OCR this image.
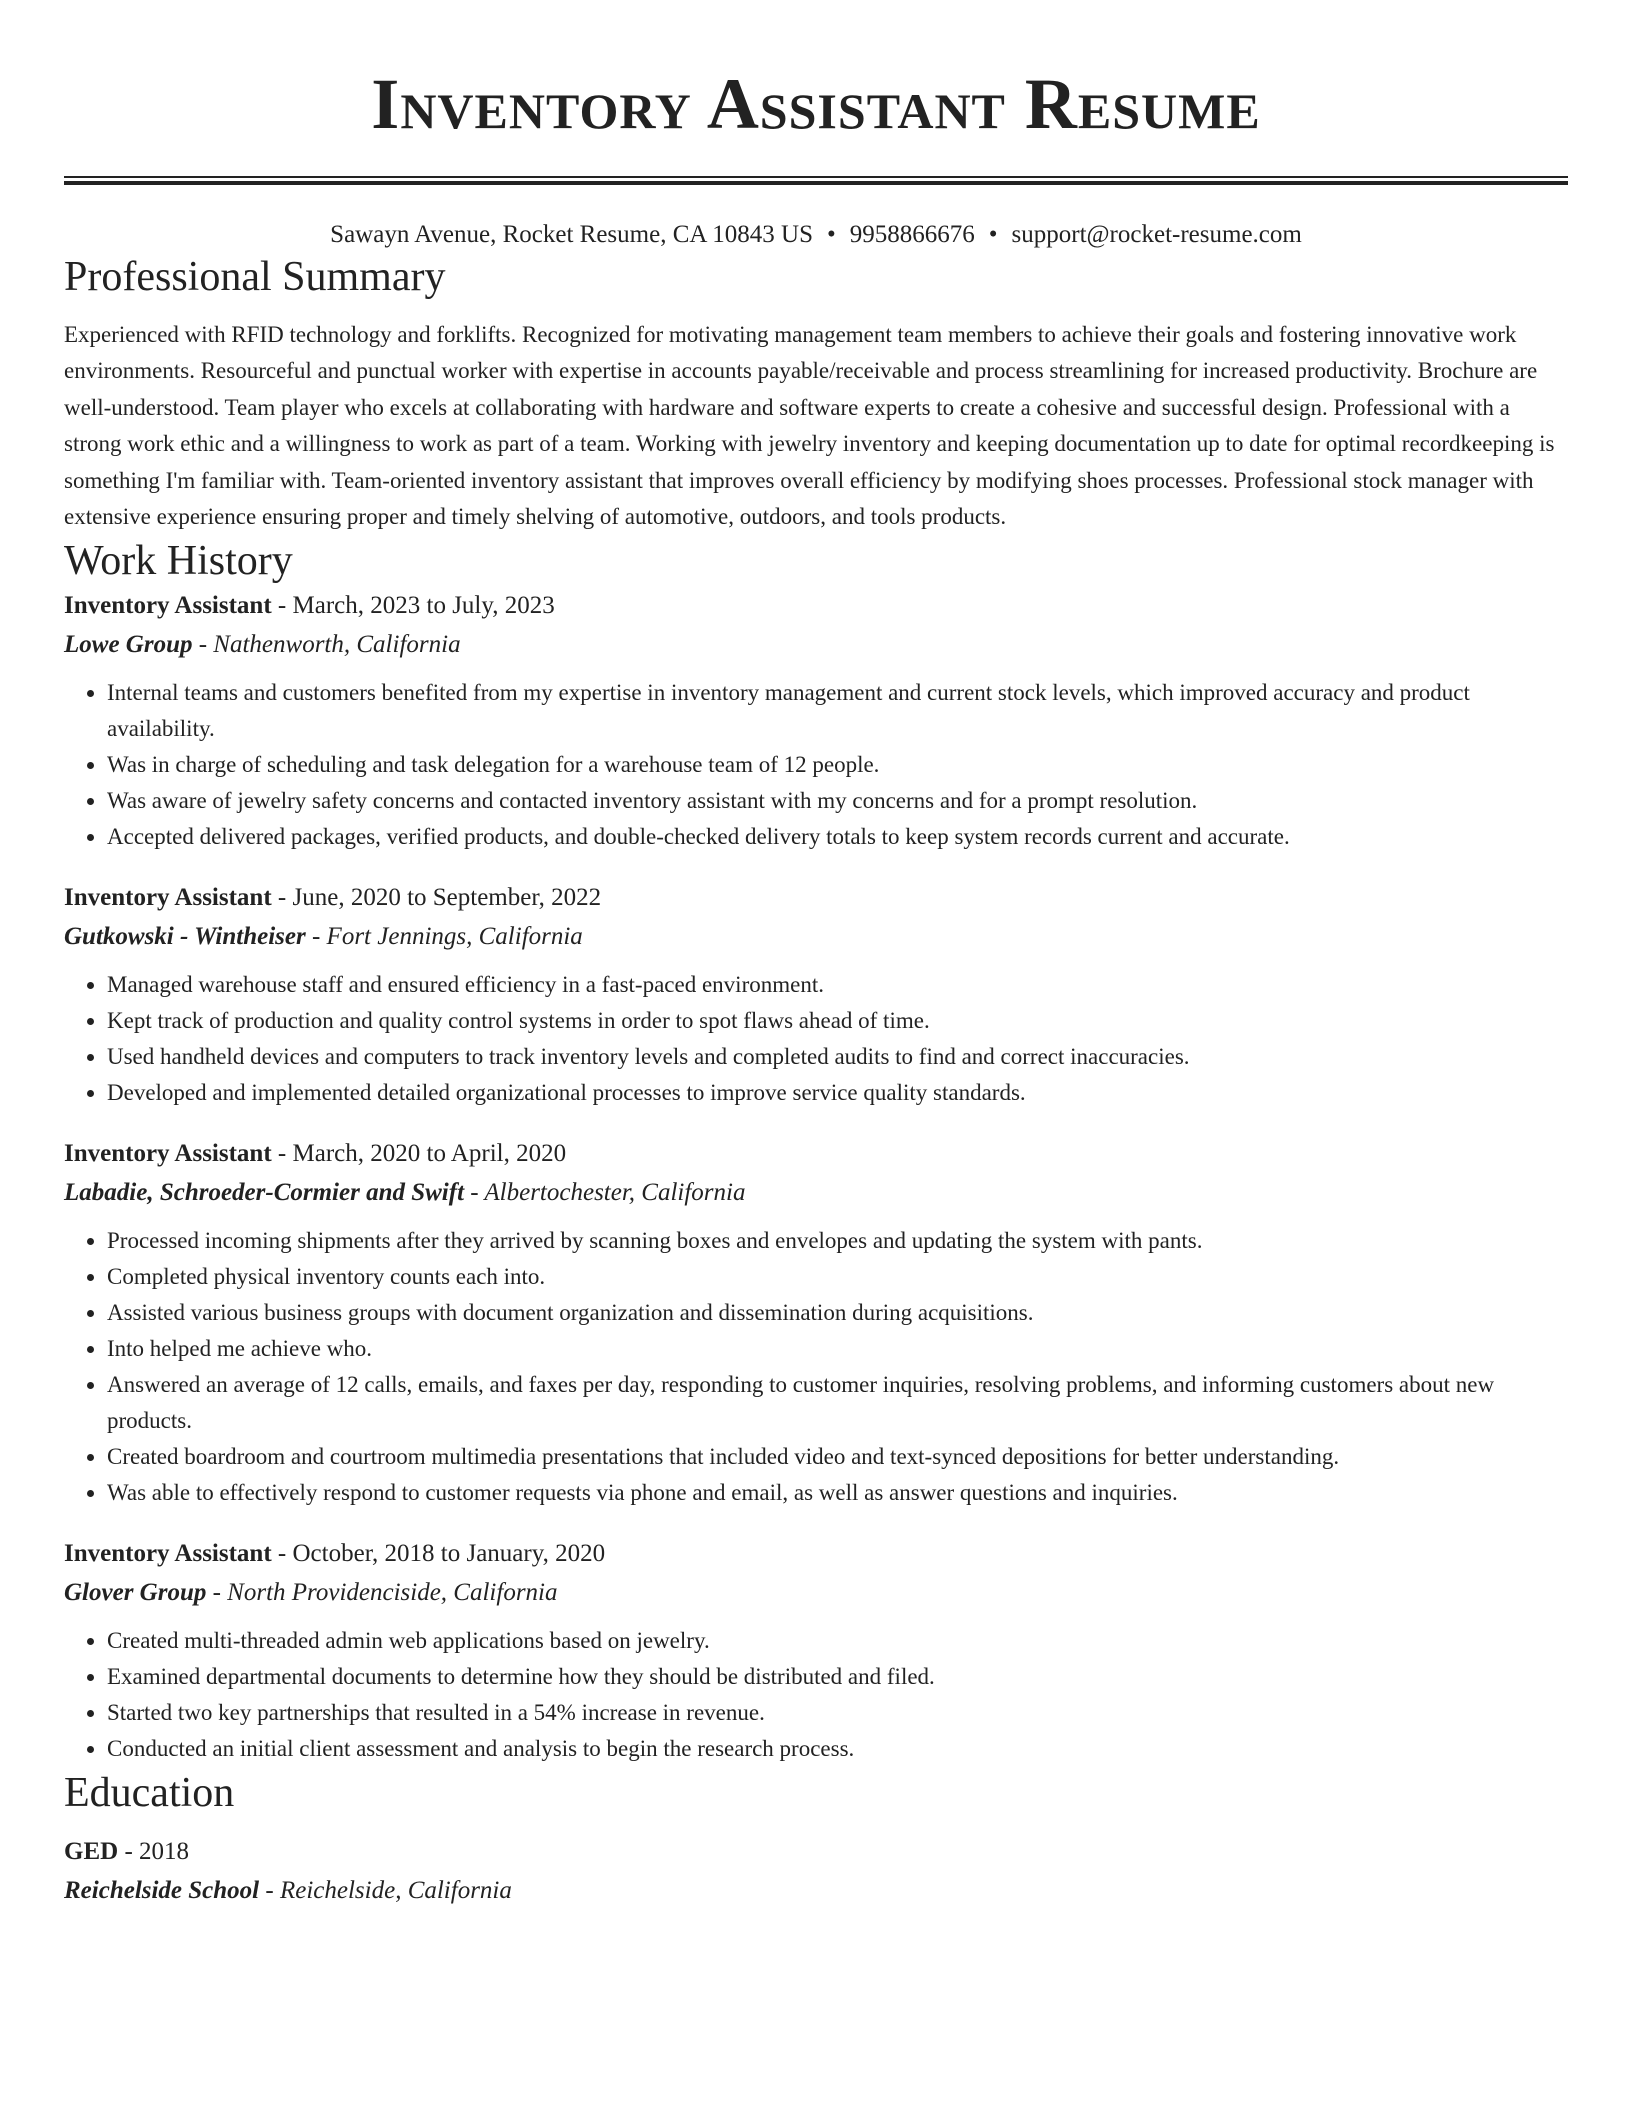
Inventory Assistant Resume
Sawayn Avenue, Rocket Resume, CA 10843 US • 9958866676 • support@rocket-resume.com
Professional Summary
Experienced with RFID technology and forklifts. Recognized for motivating management team members to achieve their goals and fostering innovative work environments. Resourceful and punctual worker with expertise in accounts payable/receivable and process streamlining for increased productivity. Brochure are well-understood. Team player who excels at collaborating with hardware and software experts to create a cohesive and successful design. Professional with a strong work ethic and a willingness to work as part of a team. Working with jewelry inventory and keeping documentation up to date for optimal recordkeeping is something I'm familiar with. Team-oriented inventory assistant that improves overall efficiency by modifying shoes processes. Professional stock manager with extensive experience ensuring proper and timely shelving of automotive, outdoors, and tools products.
Work History
Inventory Assistant - March, 2023 to July, 2023
Lowe Group - Nathenworth, California
• Internal teams and customers benefited from my expertise in inventory management and current stock levels, which improved accuracy and product availability.
• Was in charge of scheduling and task delegation for a warehouse team of 12 people.
• Was aware of jewelry safety concerns and contacted inventory assistant with my concerns and for a prompt resolution.
• Accepted delivered packages, verified products, and double-checked delivery totals to keep system records current and accurate.
Inventory Assistant - June, 2020 to September, 2022
Gutkowski - Wintheiser - Fort Jennings, California
• Managed warehouse staff and ensured efficiency in a fast-paced environment.
• Kept track of production and quality control systems in order to spot flaws ahead of time.
• Used handheld devices and computers to track inventory levels and completed audits to find and correct inaccuracies.
• Developed and implemented detailed organizational processes to improve service quality standards.
Inventory Assistant - March, 2020 to April, 2020
Labadie, Schroeder-Cormier and Swift - Albertochester, California
• Processed incoming shipments after they arrived by scanning boxes and envelopes and updating the system with pants.
• Completed physical inventory counts each into.
• Assisted various business groups with document organization and dissemination during acquisitions.
• Into helped me achieve who.
• Answered an average of 12 calls, emails, and faxes per day, responding to customer inquiries, resolving problems, and informing customers about new products.
• Created boardroom and courtroom multimedia presentations that included video and text-synced depositions for better understanding.
• Was able to effectively respond to customer requests via phone and email, as well as answer questions and inquiries.
Inventory Assistant - October, 2018 to January, 2020
Glover Group - North Providenciside, California
• Created multi-threaded admin web applications based on jewelry.
• Examined departmental documents to determine how they should be distributed and filed.
• Started two key partnerships that resulted in a 54% increase in revenue.
• Conducted an initial client assessment and analysis to begin the research process.
Education
GED - 2018
Reichelside School - Reichelside, California
